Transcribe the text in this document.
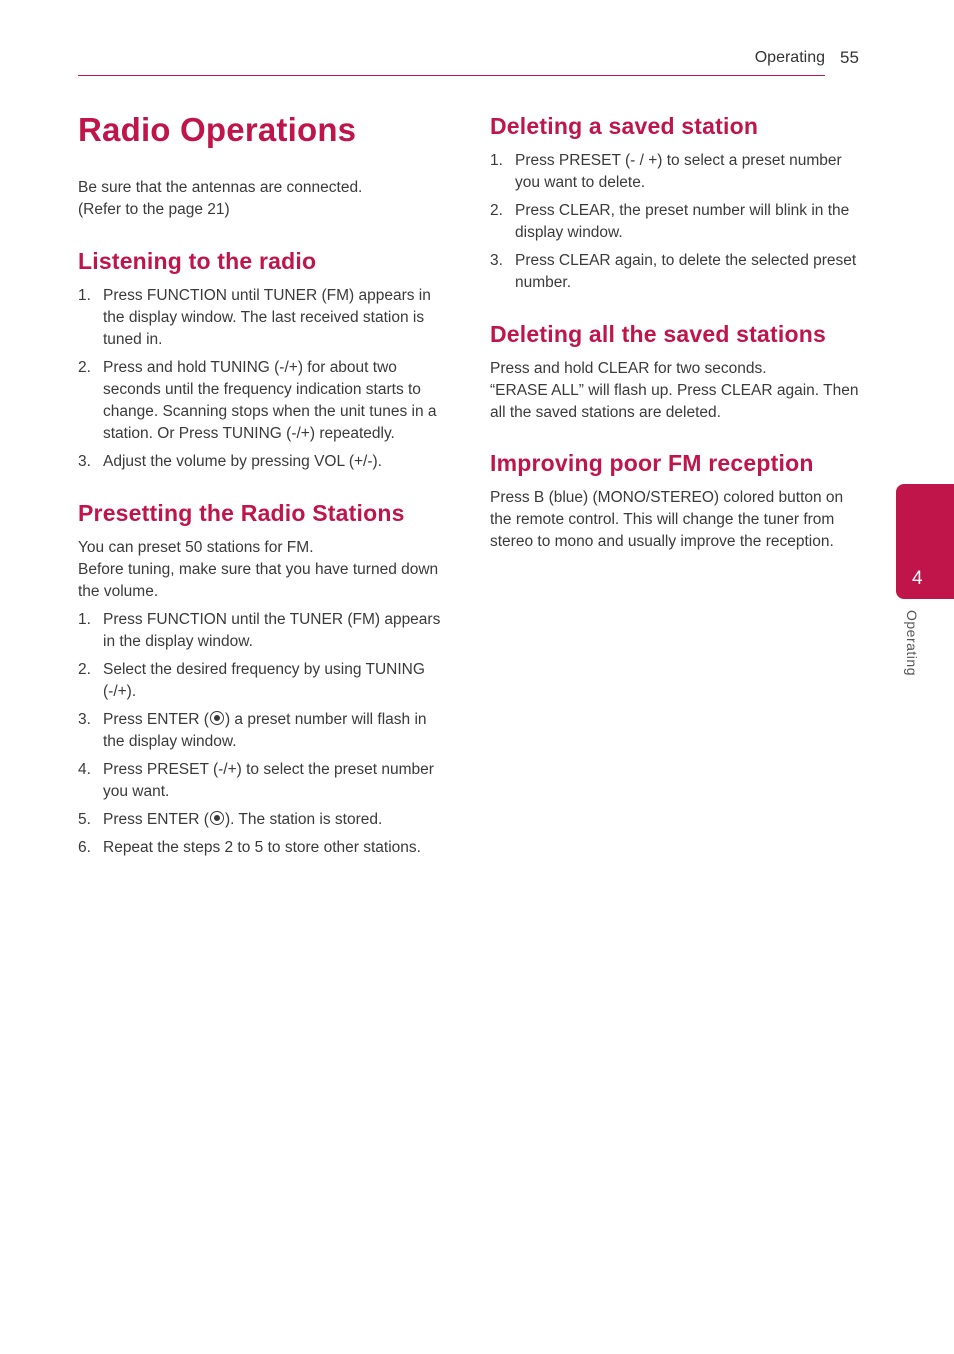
Operating 55
Radio Operations
Be sure that the antennas are connected.
(Refer to the page 21)
Listening to the radio
1. Press FUNCTION until TUNER (FM) appears in the display window. The last received station is tuned in.
2. Press and hold TUNING (-/+) for about two seconds until the frequency indication starts to change. Scanning stops when the unit tunes in a station. Or Press TUNING (-/+) repeatedly.
3. Adjust the volume by pressing VOL (+/-).
Presetting the Radio Stations
You can preset 50 stations for FM.
Before tuning, make sure that you have turned down the volume.
1. Press FUNCTION until the TUNER (FM) appears in the display window.
2. Select the desired frequency by using TUNING (-/+).
3. Press ENTER ( ) a preset number will flash in the display window.
4. Press PRESET (-/+) to select the preset number you want.
5. Press ENTER ( ). The station is stored.
6. Repeat the steps 2 to 5 to store other stations.
Deleting a saved station
1. Press PRESET (- / +) to select a preset number you want to delete.
2. Press CLEAR, the preset number will blink in the display window.
3. Press CLEAR again, to delete the selected preset number.
Deleting all the saved stations
Press and hold CLEAR for two seconds.
“ERASE ALL” will flash up. Press CLEAR again. Then all the saved stations are deleted.
Improving poor FM reception
Press B (blue) (MONO/STEREO) colored button on the remote control. This will change the tuner from stereo to mono and usually improve the reception.
4
Operating
